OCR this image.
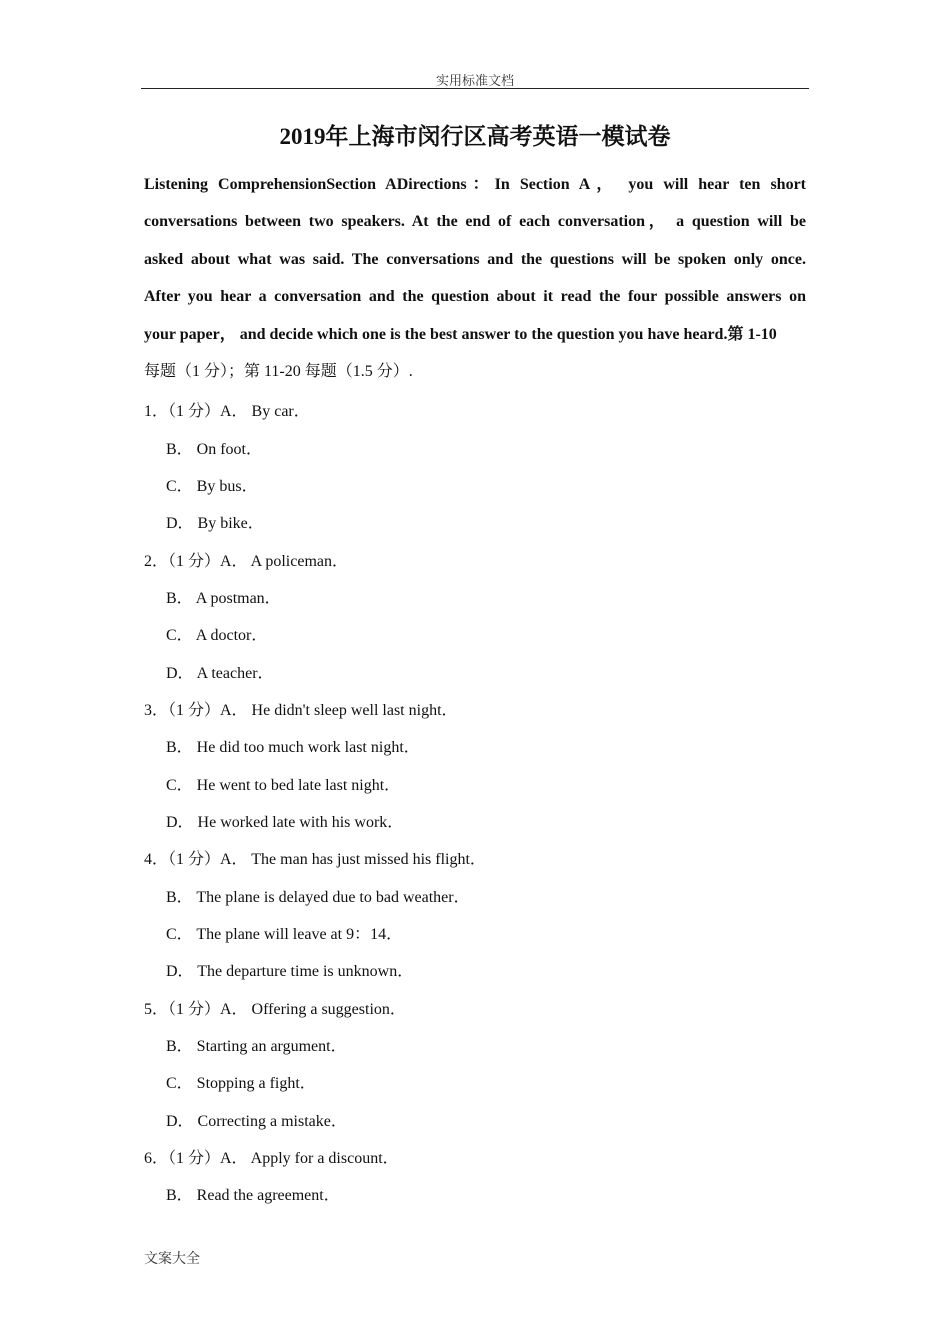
实用标准文档
2019年上海市闵行区高考英语一模试卷
Listening ComprehensionSection ADirections：In Section A， you will hear ten short
conversations between two speakers. At the end of each conversation， a question will be
asked about what was said. The conversations and the questions will be spoken only once.
After you hear a conversation and the question about it read the four possible answers on
your paper， and decide which one is the best answer to the question you have heard.第 1-10
每题（1 分）；第 11-20 每题（1.5 分）.
1．（1 分）A． By car．
B． On foot．
C． By bus．
D． By bike．
2．（1 分）A． A policeman．
B． A postman．
C． A doctor．
D． A teacher．
3．（1 分）A． He didn't sleep well last night．
B． He did too much work last night．
C． He went to bed late last night．
D． He worked late with his work．
4．（1 分）A． The man has just missed his flight．
B． The plane is delayed due to bad weather．
C． The plane will leave at 9：14．
D． The departure time is unknown．
5．（1 分）A． Offering a suggestion．
B． Starting an argument．
C． Stopping a fight．
D． Correcting a mistake．
6．（1 分）A． Apply for a discount．
B． Read the agreement．
文案大全
